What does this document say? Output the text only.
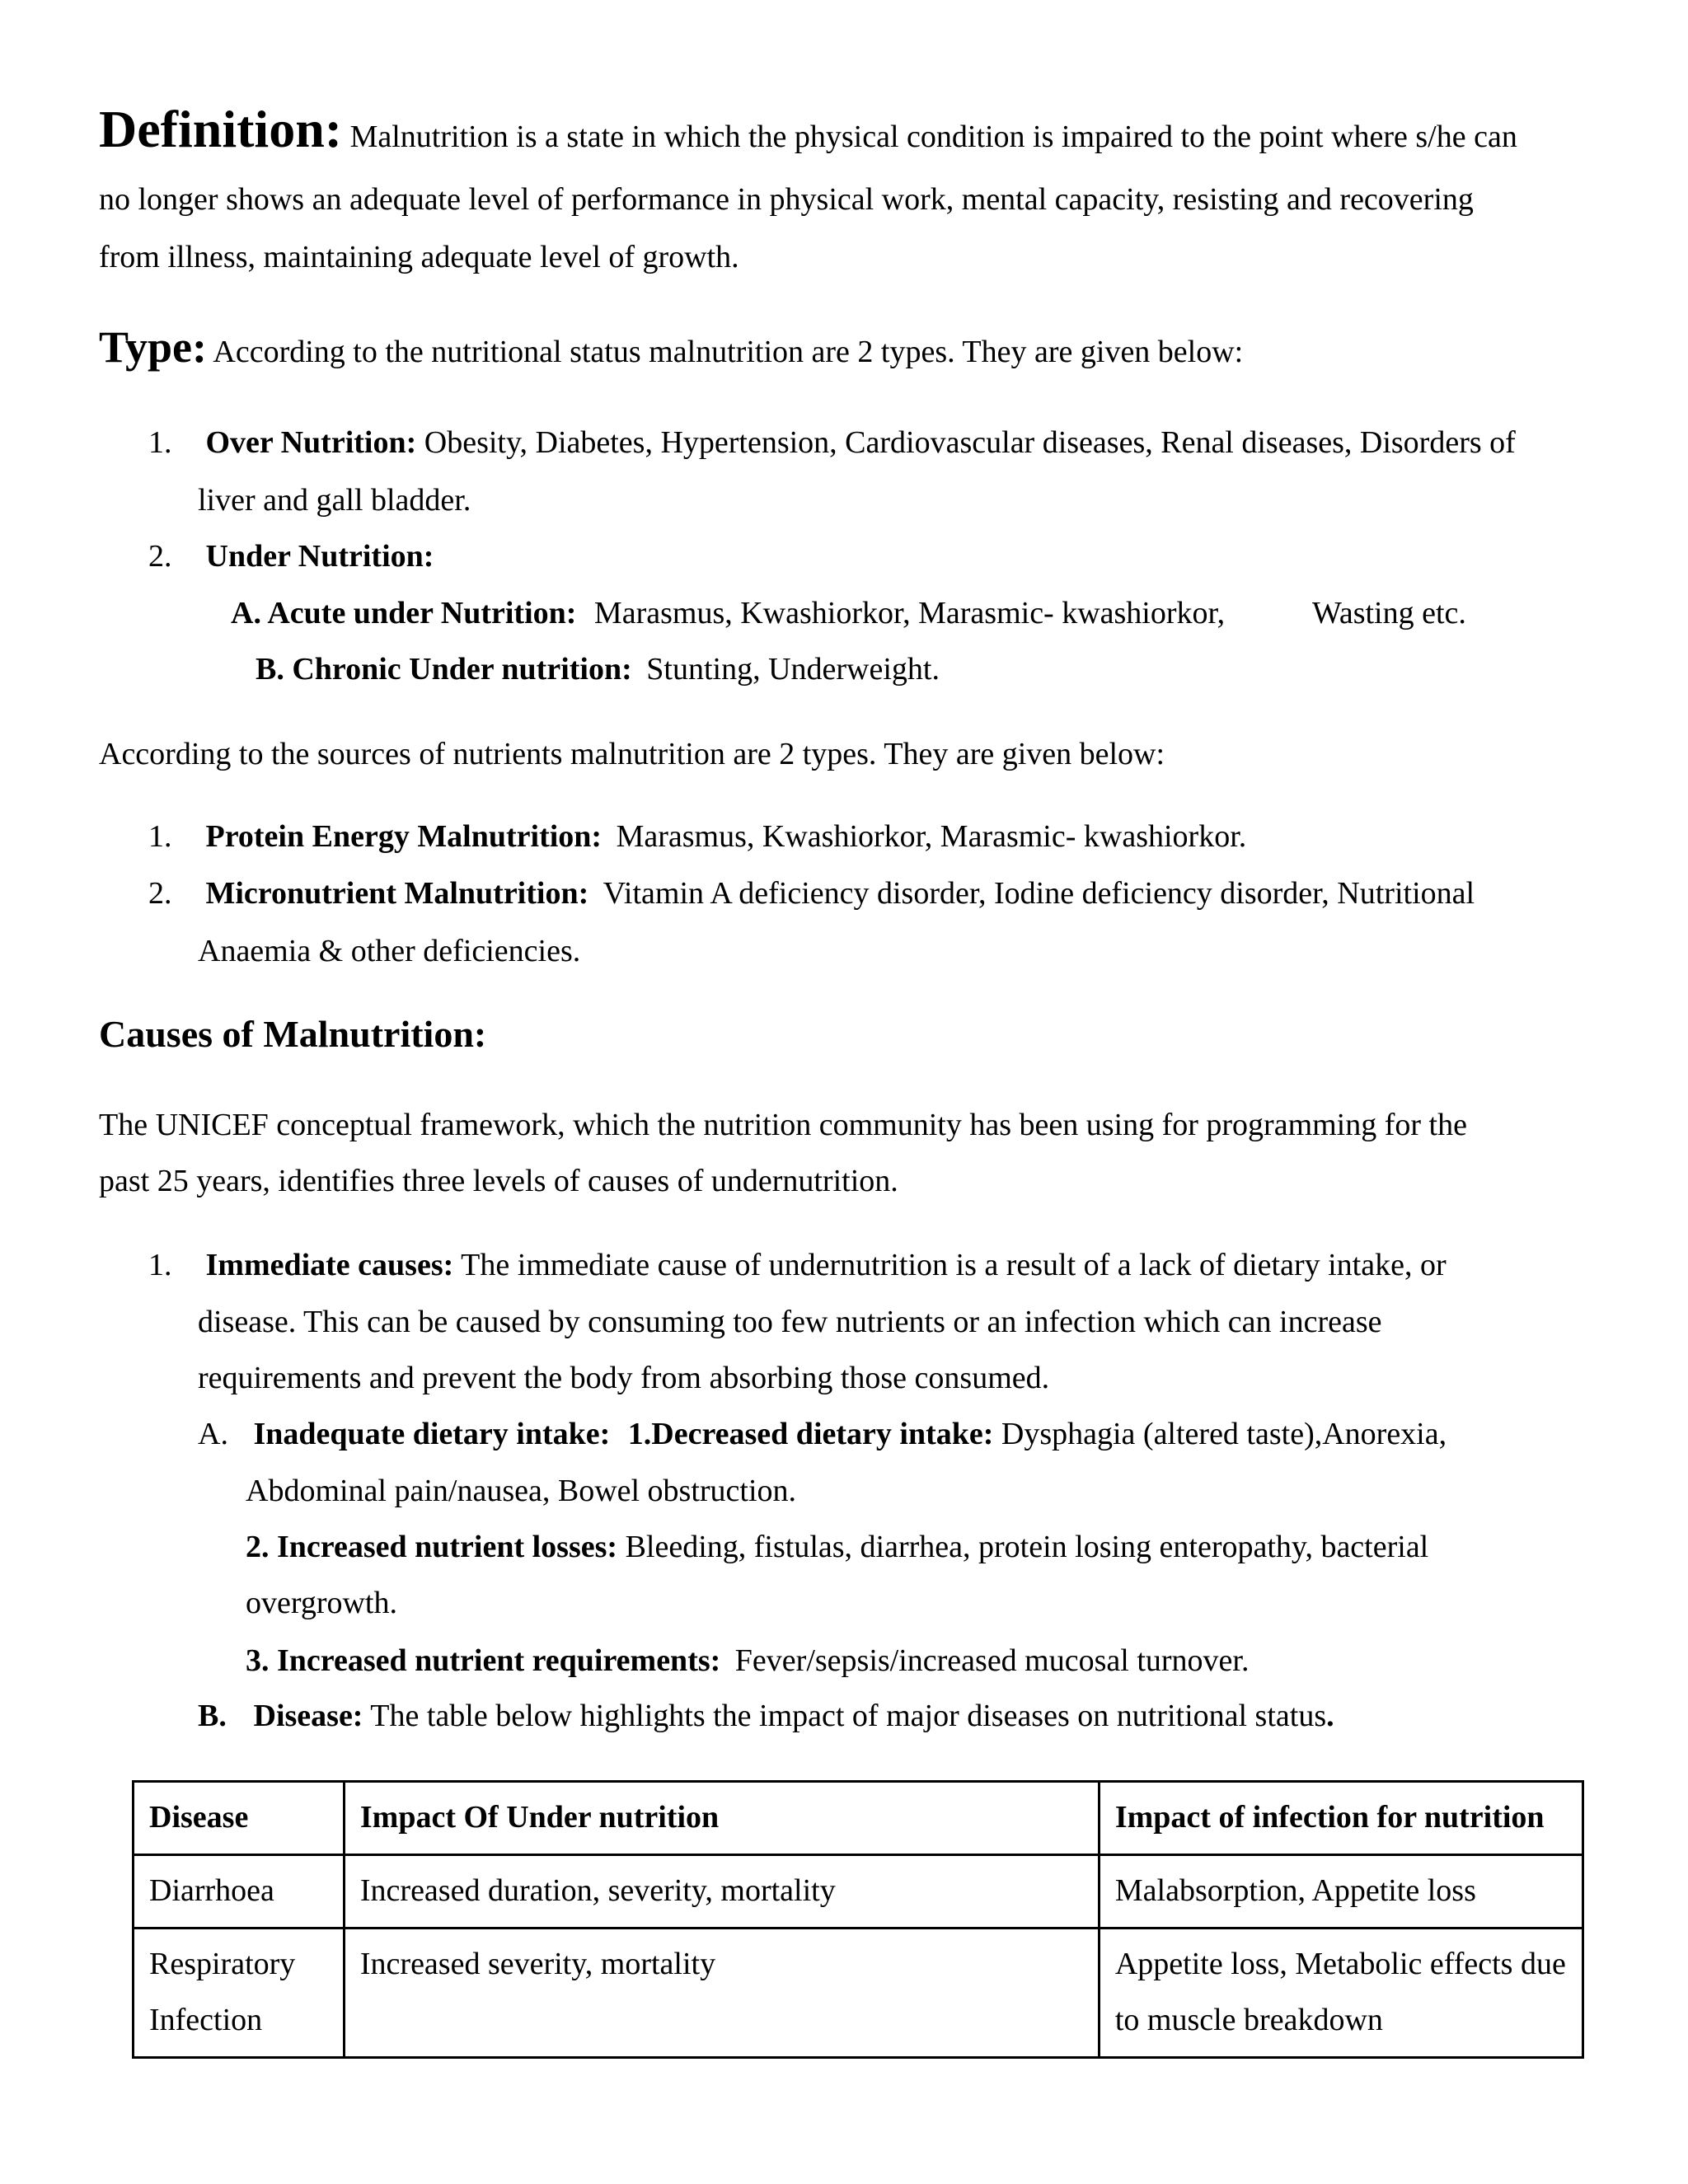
Definition: Malnutrition is a state in which the physical condition is impaired to the point where s/he can
no longer shows an adequate level of performance in physical work, mental capacity, resisting and recovering
from illness, maintaining adequate level of growth.
Type: According to the nutritional status malnutrition are 2 types. They are given below:
1. Over Nutrition: Obesity, Diabetes, Hypertension, Cardiovascular diseases, Renal diseases, Disorders of
liver and gall bladder.
2. Under Nutrition:
A. Acute under Nutrition: Marasmus, Kwashiorkor, Marasmic- kwashiorkor,	Wasting etc.
B. Chronic Under nutrition: Stunting, Underweight.
According to the sources of nutrients malnutrition are 2 types. They are given below:
1. Protein Energy Malnutrition: Marasmus, Kwashiorkor, Marasmic- kwashiorkor.
2. Micronutrient Malnutrition: Vitamin A deficiency disorder, Iodine deficiency disorder, Nutritional
Anaemia & other deficiencies.
Causes of Malnutrition:
The UNICEF conceptual framework, which the nutrition community has been using for programming for the
past 25 years, identifies three levels of causes of undernutrition.
1. Immediate causes: The immediate cause of undernutrition is a result of a lack of dietary intake, or
disease. This can be caused by consuming too few nutrients or an infection which can increase
requirements and prevent the body from absorbing those consumed.
A. Inadequate dietary intake: 1.Decreased dietary intake: Dysphagia (altered taste),Anorexia,
Abdominal pain/nausea, Bowel obstruction.
2. Increased nutrient losses: Bleeding, fistulas, diarrhea, protein losing enteropathy, bacterial
overgrowth.
3. Increased nutrient requirements: Fever/sepsis/increased mucosal turnover.
B. Disease: The table below highlights the impact of major diseases on nutritional status.
Disease	Impact Of Under nutrition	Impact of infection for nutrition
Diarrhoea	Increased duration, severity, mortality	Malabsorption, Appetite loss
Respiratory Infection	Increased severity, mortality	Appetite loss, Metabolic effects due to muscle breakdown
